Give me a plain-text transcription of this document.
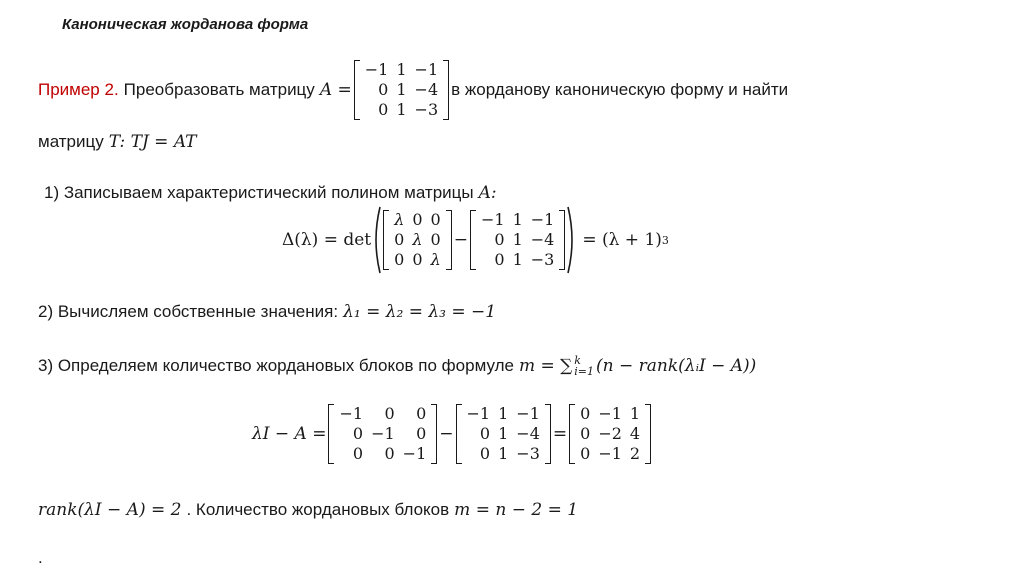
Каноническая жорданова форма
Пример 2. Преобразовать матрицу A =
−1	1	−1
0	1	−4
0	1	−3
в жорданову каноническую форму и найти
матрицу T: TJ = AT
1) Записываем характеристический полином матрицы A:
Δ(λ) = det
λ	0	0
0	λ	0
0	0	λ
−
−1	1	−1
0	1	−4
0	1	−3
= (λ + 1) 3
2) Вычисляем собственные значения: λ₁ = λ₂ = λ₃ = −1
3) Определяем количество жордановых блоков по формуле m = ∑ k
i=1 (n − rank(λᵢI − A))
λI − A =
−1	0	0
0	−1	0
0	0	−1
−
−1	1	−1
0	1	−4
0	1	−3
=
0	−1	1
0	−2	4
0	−1	2
rank(λI − A) = 2 . Количество жордановых блоков m = n − 2 = 1
.
